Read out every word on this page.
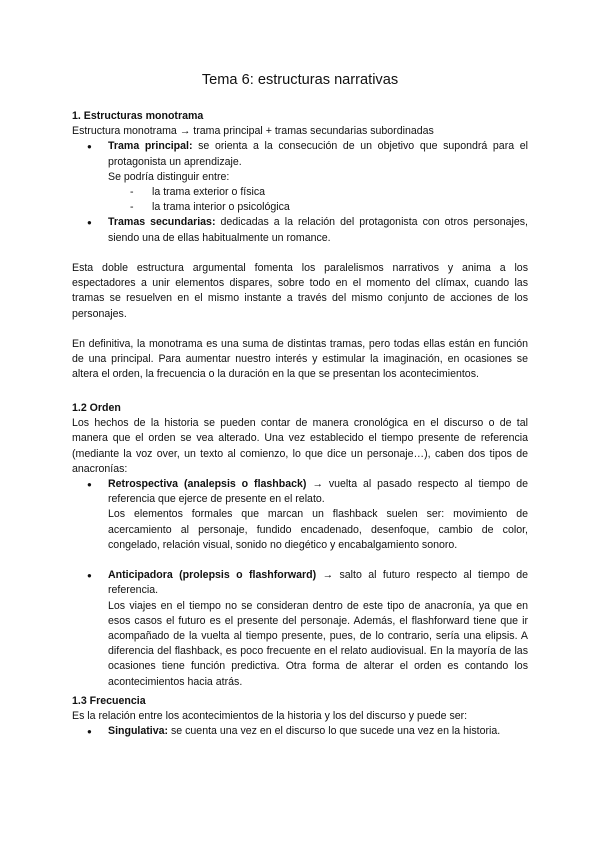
Tema 6: estructuras narrativas

1. Estructuras monotrama

Estructura monotrama → trama principal + tramas secundarias subordinadas

● Trama principal: se orienta a la consecución de un objetivo que supondrá para el protagonista un aprendizaje.

Se podría distinguir entre:

- la trama exterior o física
- la trama interior o psicológica

● Tramas secundarias: dedicadas a la relación del protagonista con otros personajes, siendo una de ellas habitualmente un romance.

Esta doble estructura argumental fomenta los paralelismos narrativos y anima a los espectadores a unir elementos dispares, sobre todo en el momento del clímax, cuando las tramas se resuelven en el mismo instante a través del mismo conjunto de acciones de los personajes.

En definitiva, la monotrama es una suma de distintas tramas, pero todas ellas están en función de una principal. Para aumentar nuestro interés y estimular la imaginación, en ocasiones se altera el orden, la frecuencia o la duración en la que se presentan los acontecimientos.

1.2 Orden

Los hechos de la historia se pueden contar de manera cronológica en el discurso o de tal manera que el orden se vea alterado. Una vez establecido el tiempo presente de referencia (mediante la voz over, un texto al comienzo, lo que dice un personaje…), caben dos tipos de anacronías:

● Retrospectiva (analepsis o flashback) → vuelta al pasado respecto al tiempo de referencia que ejerce de presente en el relato.

Los elementos formales que marcan un flashback suelen ser: movimiento de acercamiento al personaje, fundido encadenado, desenfoque, cambio de color, congelado, relación visual, sonido no diegético y encabalgamiento sonoro.

● Anticipadora (prolepsis o flashforward) → salto al futuro respecto al tiempo de referencia.

Los viajes en el tiempo no se consideran dentro de este tipo de anacronía, ya que en esos casos el futuro es el presente del personaje. Además, el flashforward tiene que ir acompañado de la vuelta al tiempo presente, pues, de lo contrario, sería una elipsis. A diferencia del flashback, es poco frecuente en el relato audiovisual. En la mayoría de las ocasiones tiene función predictiva. Otra forma de alterar el orden es contando los acontecimientos hacia atrás.

1.3 Frecuencia

Es la relación entre los acontecimientos de la historia y los del discurso y puede ser:

● Singulativa: se cuenta una vez en el discurso lo que sucede una vez en la historia.
